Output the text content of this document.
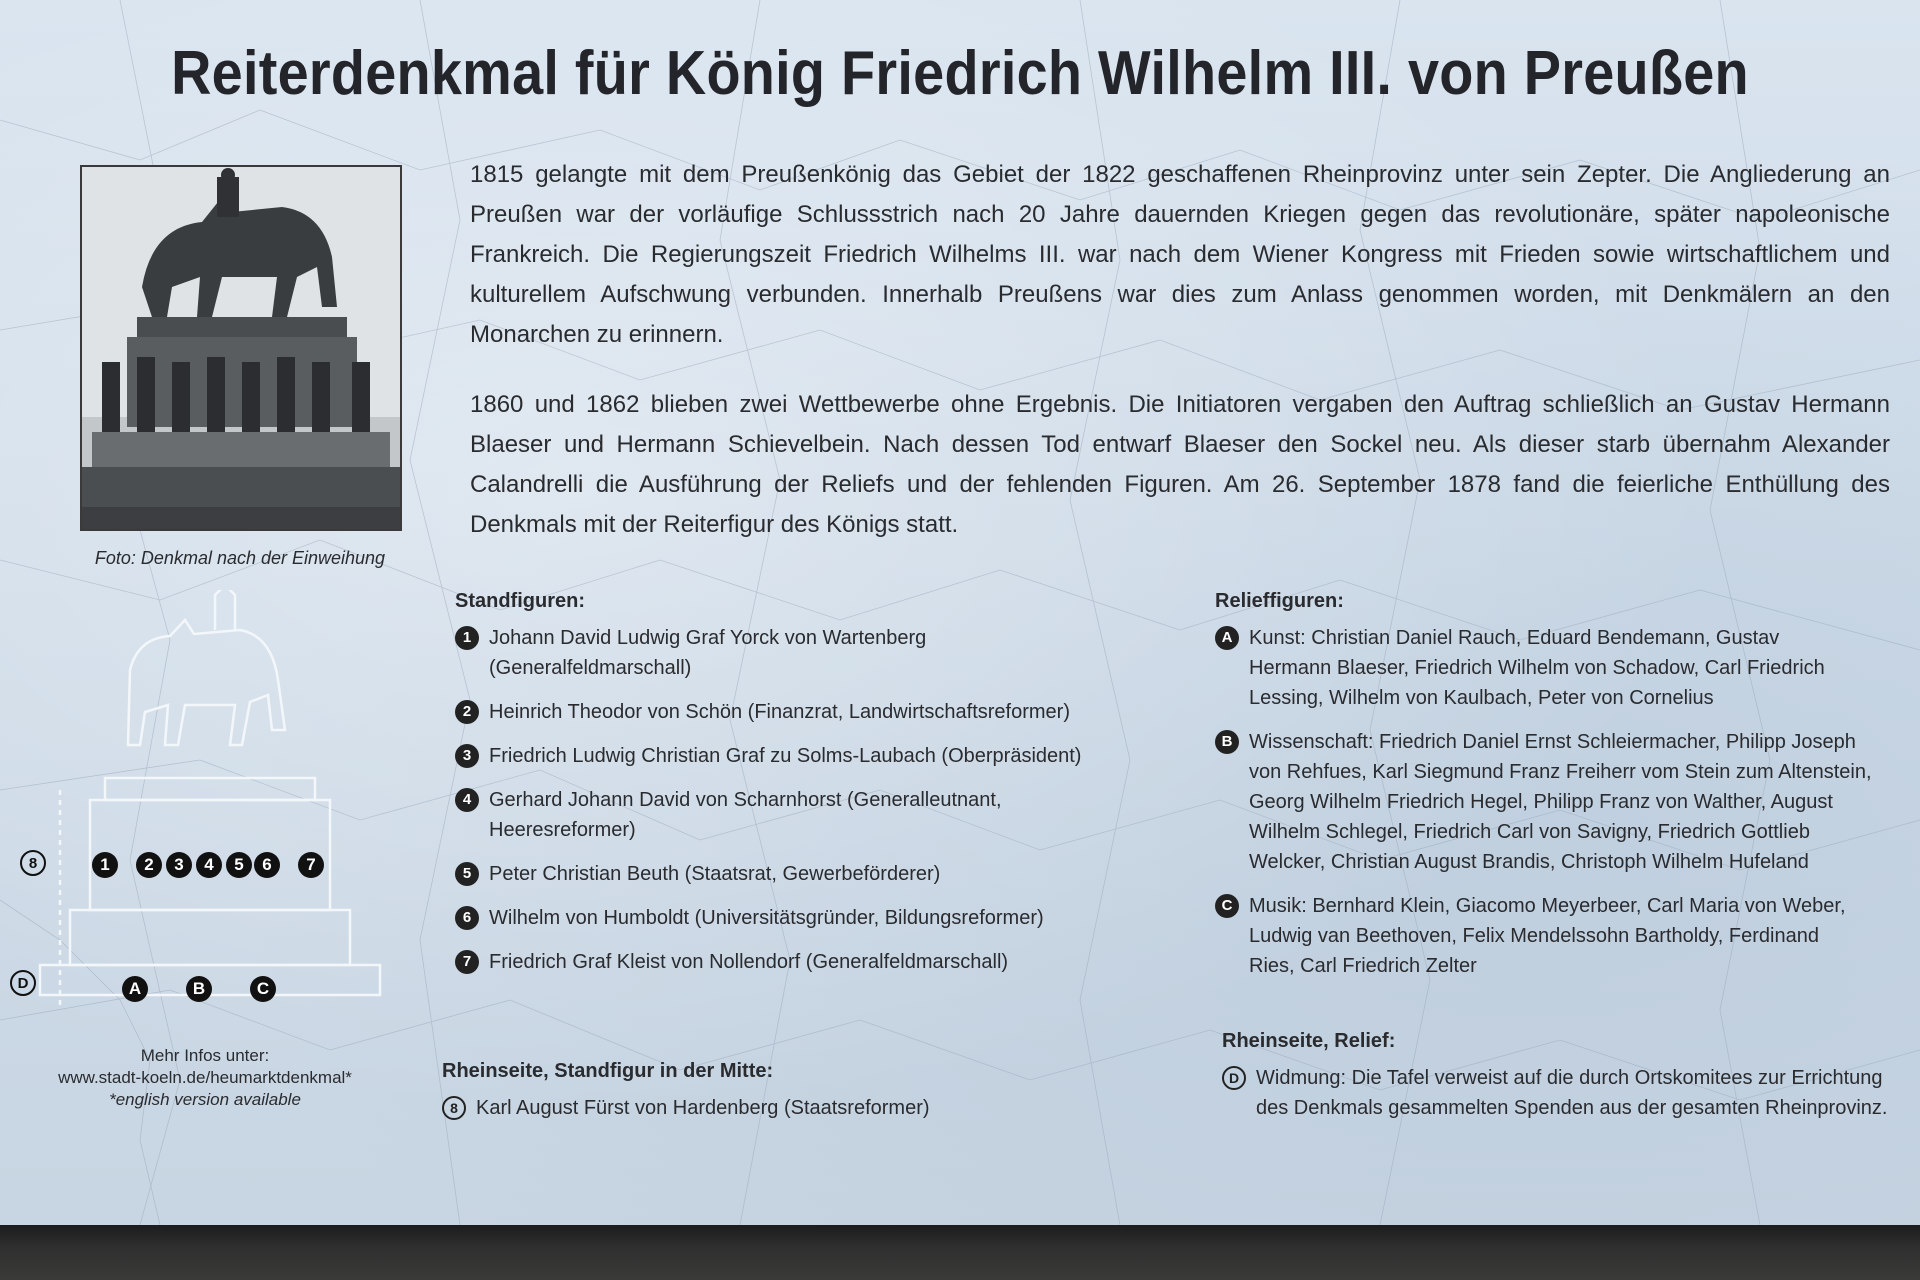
Reiterdenkmal für König Friedrich Wilhelm III. von Preußen
Foto: Denkmal nach der Einweihung
1815 gelangte mit dem Preußenkönig das Gebiet der 1822 geschaffenen Rheinprovinz unter sein Zepter. Die Angliederung an Preußen war der vorläufige Schlussstrich nach 20 Jahre dauernden Kriegen gegen das revolutionäre, später napoleonische Frankreich. Die Regierungszeit Friedrich Wilhelms III. war nach dem Wiener Kongress mit Frieden sowie wirtschaftlichem und kulturellem Aufschwung verbunden. Innerhalb Preußens war dies zum Anlass genommen worden, mit Denkmälern an den Monarchen zu erinnern.
1860 und 1862 blieben zwei Wettbewerbe ohne Ergebnis. Die Initiatoren vergaben den Auftrag schließlich an Gustav Hermann Blaeser und Hermann Schievelbein. Nach dessen Tod entwarf Blaeser den Sockel neu. Als dieser starb übernahm Alexander Calandrelli die Ausführung der Reliefs und der fehlenden Figuren. Am 26. September 1878 fand die feierliche Enthüllung des Denkmals mit der Reiterfigur des Königs statt.
8	1	2	3	4	5	6	7
D	A	B	C
Mehr Infos unter:
www.stadt-koeln.de/heumarktdenkmal*
*english version available
Standfiguren:
1 Johann David Ludwig Graf Yorck von Wartenberg (Generalfeldmarschall)
2 Heinrich Theodor von Schön (Finanzrat, Landwirtschaftsreformer)
3 Friedrich Ludwig Christian Graf zu Solms-Laubach (Oberpräsident)
4 Gerhard Johann David von Scharnhorst (Generalleutnant, Heeresreformer)
5 Peter Christian Beuth (Staatsrat, Gewerbeförderer)
6 Wilhelm von Humboldt (Universitätsgründer, Bildungsreformer)
7 Friedrich Graf Kleist von Nollendorf (Generalfeldmarschall)
Rheinseite, Standfigur in der Mitte:
8 Karl August Fürst von Hardenberg (Staatsreformer)
Relieffiguren:
A Kunst: Christian Daniel Rauch, Eduard Bendemann, Gustav Hermann Blaeser, Friedrich Wilhelm von Schadow, Carl Friedrich Lessing, Wilhelm von Kaulbach, Peter von Cornelius
B Wissenschaft: Friedrich Daniel Ernst Schleiermacher, Philipp Joseph von Rehfues, Karl Siegmund Franz Freiherr vom Stein zum Altenstein, Georg Wilhelm Friedrich Hegel, Philipp Franz von Walther, August Wilhelm Schlegel, Friedrich Carl von Savigny, Friedrich Gottlieb Welcker, Christian August Brandis, Christoph Wilhelm Hufeland
C Musik: Bernhard Klein, Giacomo Meyerbeer, Carl Maria von Weber, Ludwig van Beethoven, Felix Mendelssohn Bartholdy, Ferdinand Ries, Carl Friedrich Zelter
Rheinseite, Relief:
D Widmung: Die Tafel verweist auf die durch Ortskomitees zur Errichtung des Denkmals gesammelten Spenden aus der gesamten Rheinprovinz.
